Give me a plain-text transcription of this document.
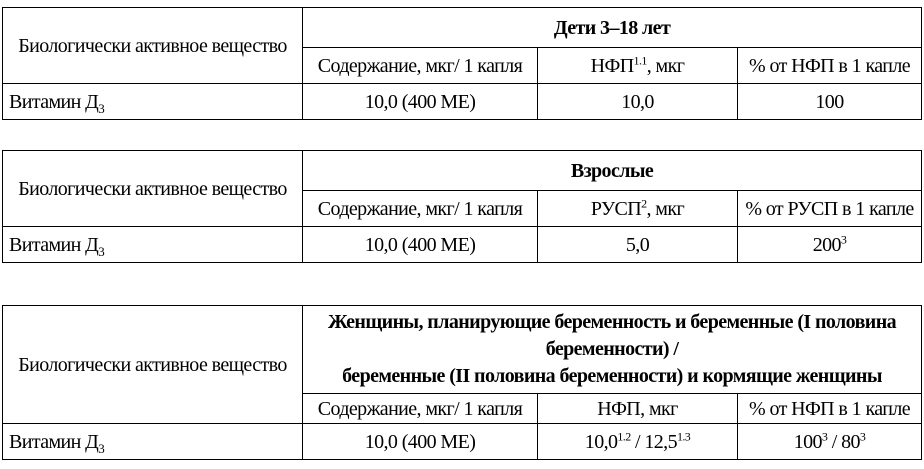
Биологически активное вещество	Дети 3–18 лет		
	Содержание, мкг/ 1 капля	$НФП^{1.1}$, мкг	% от НФП в 1 капле
Витамин $Д_3$	10,0 (400 МЕ)	10,0	100
Биологически активное вещество	Взрослые		
	Содержание, мкг/ 1 капля	РУСП$^2$, мкг	% от РУСП в 1 капле
Витамин $Д_3$	10,0 (400 МЕ)	5,0	$200^3$
Биологически активное вещество	Женщины, планирующие беременность и беременные (I половина беременности) /
беременные (II половина беременности) и кормящие женщины		
	Содержание, мкг/ 1 капля	НФП, мкг	% от НФП в 1 капле
Витамин $Д_3$	10,0 (400 МЕ)	$10,0^{1.2} / 12,5^{1.3}$	$100^3 / 80^3$
